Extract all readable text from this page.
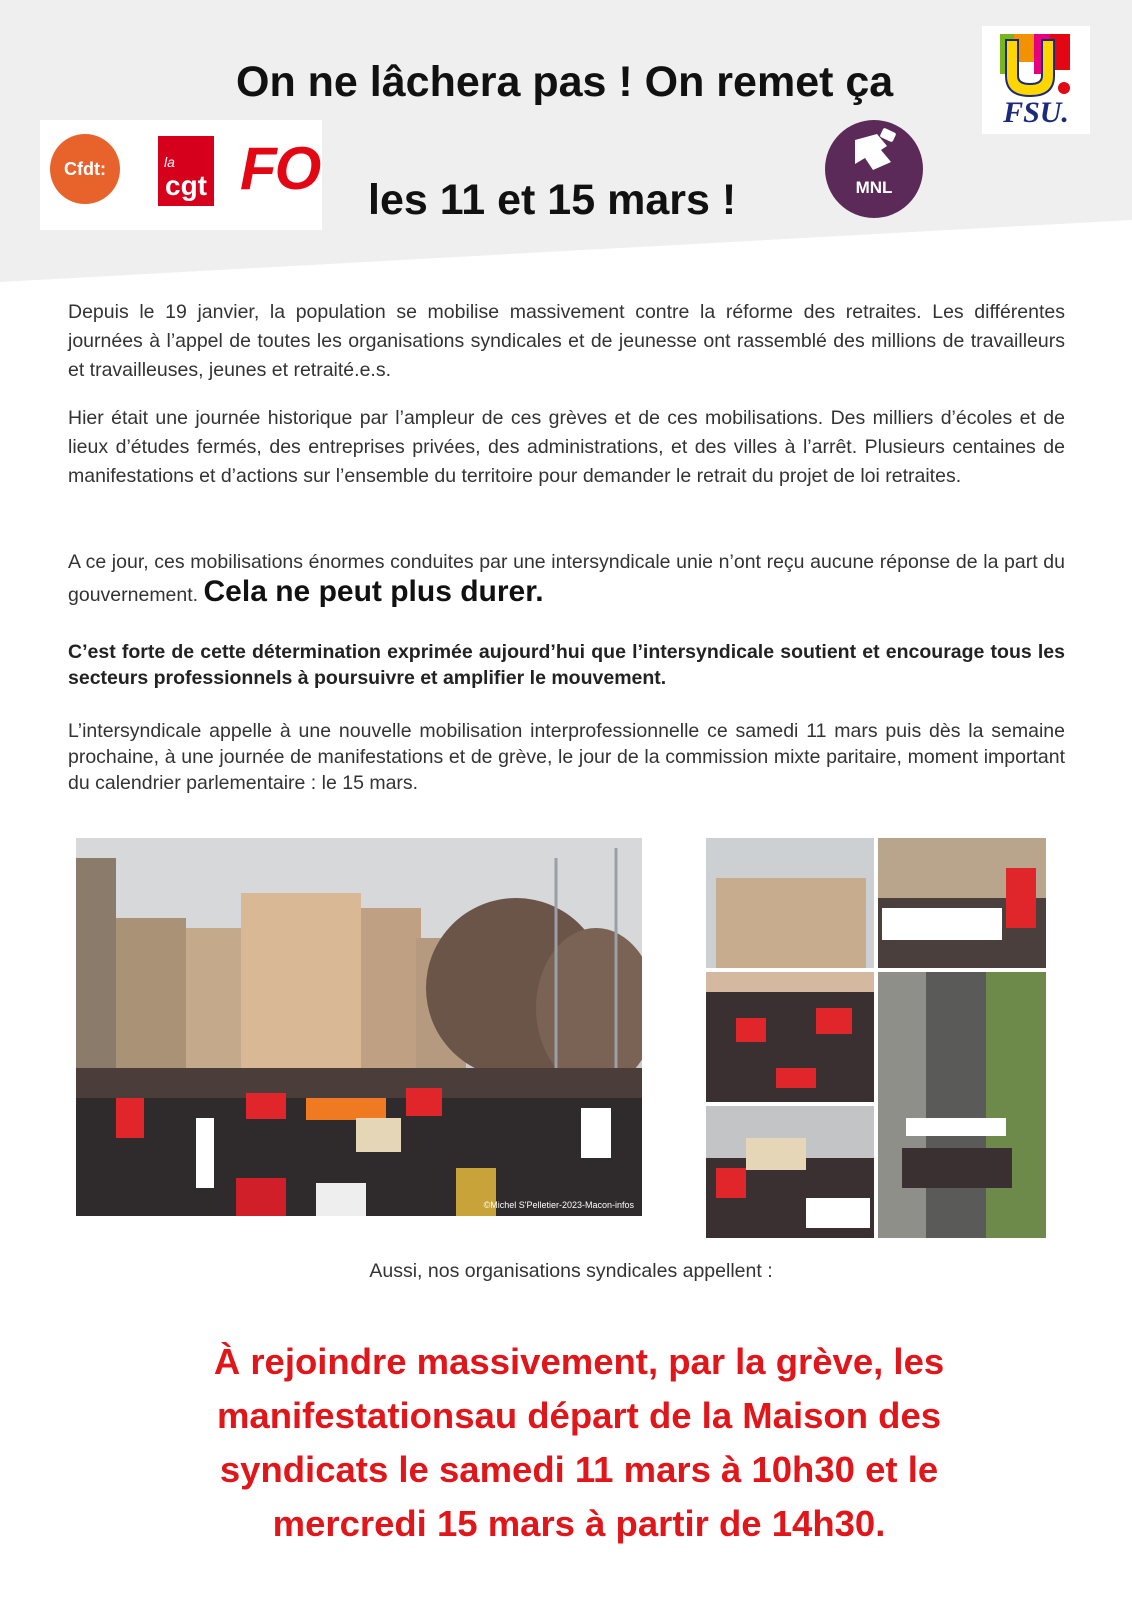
On ne lâchera pas ! On remet ça
les 11 et 15 mars !
Cfdt:	la
cgt FO	MNL
FSU.

Depuis le 19 janvier, la population se mobilise massivement contre la réforme des retraites. Les différentes journées à l’appel de toutes les organisations syndicales et de jeunesse ont rassemblé des millions de travailleurs et travailleuses, jeunes et retraité.e.s.

Hier était une journée historique par l’ampleur de ces grèves et de ces mobilisations. Des milliers d’écoles et de lieux d’études fermés, des entreprises privées, des administrations, et des villes à l’arrêt. Plusieurs centaines de manifestations et d’actions sur l’ensemble du territoire pour demander le retrait du projet de loi retraites.

A ce jour, ces mobilisations énormes conduites par une intersyndicale unie n’ont reçu aucune réponse de la part du gouvernement. Cela ne peut plus durer.

C’est forte de cette détermination exprimée aujourd’hui que l’intersyndicale soutient et encourage tous les secteurs professionnels à poursuivre et amplifier le mouvement.

L’intersyndicale appelle à une nouvelle mobilisation interprofessionnelle ce samedi 11 mars puis dès la semaine prochaine, à une journée de manifestations et de grève, le jour de la commission mixte paritaire, moment important du calendrier parlementaire : le 15 mars.

©Michel S'Pelletier-2023-Macon-infos
Aussi, nos organisations syndicales appellent :
À rejoindre massivement, par la grève, les manifestationsau départ de la Maison des syndicats le samedi 11 mars à 10h30 et le mercredi 15 mars à partir de 14h30.
